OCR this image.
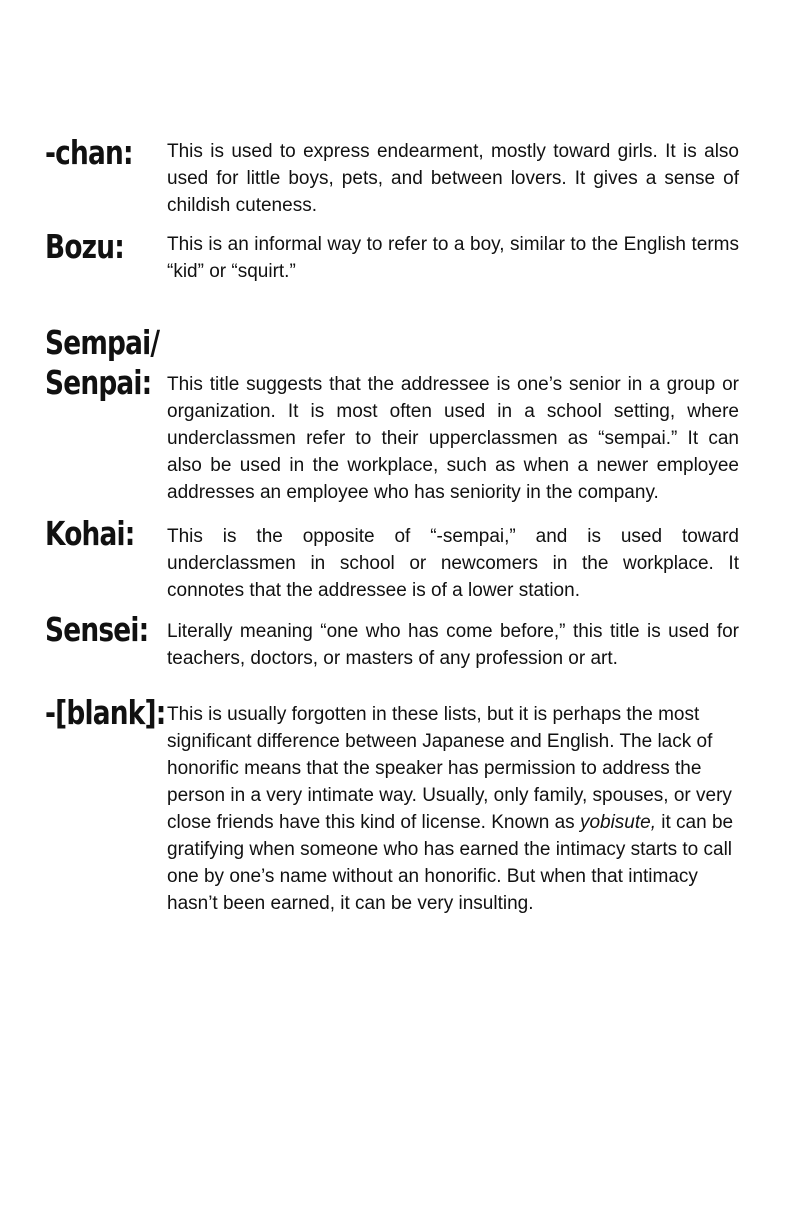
-chan: This is used to express endearment, mostly toward girls. It is also used for little boys, pets, and between lovers. It gives a sense of childish cuteness.
Bozu: This is an informal way to refer to a boy, similar to the English terms “kid” or “squirt.”
Sempai/
Senpai: This title suggests that the addressee is one’s senior in a group or organization. It is most often used in a school setting, where underclassmen refer to their upperclassmen as “sempai.” It can also be used in the workplace, such as when a newer employee addresses an employee who has seniority in the company.
Kohai: This is the opposite of “-sempai,” and is used toward underclassmen in school or newcomers in the workplace. It connotes that the addressee is of a lower station.
Sensei: Literally meaning “one who has come before,” this title is used for teachers, doctors, or masters of any profession or art.
-[blank]: This is usually forgotten in these lists, but it is perhaps the most significant difference between Japanese and English. The lack of honorific means that the speaker has permission to address the person in a very intimate way. Usually, only family, spouses, or very close friends have this kind of license. Known as yobisute, it can be gratifying when someone who has earned the intimacy starts to call one by one’s name without an honorific. But when that intimacy hasn’t been earned, it can be very insulting.
